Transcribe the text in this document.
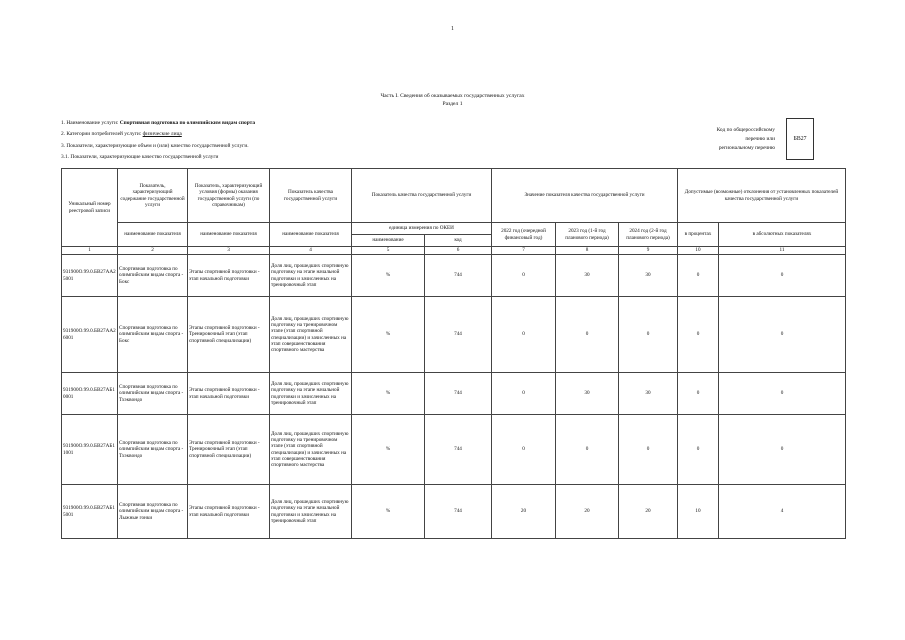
1
Часть I. Сведения об оказываемых государственных услугах
Раздел 1
1. Наименование услуги: Спортивная подготовка по олимпийским видам спорта
2. Категории потребителей услуги: физические лица
3. Показатели, характеризующие объем и (или) качество государственной услуги.
3.1. Показатели, характеризующие качество государственной услуги
Код по общероссийскому
перечню или
региональному перечню
БВ27
Уникальный номер реестровой записи	Показатель, характеризующий содержание государственной услуги	Показатель, характеризующий условия (формы) оказания государственной услуги (по справочникам)	Показатель качества государственной услуги	Показатель качества государственной услуги		Значение показателя качества государственной услуги			Допустимые (возможные) отклонения от установленных показателей качества государственной услуги	
	наименование показателя	наименование показателя	наименование показателя	единица измерения по ОКЕИ		2022 год (очередной финансовый год)	2023 год (1-й год планового периода)	2024 год (2-й год планового периода)	в процентах	в абсолютных показателях
				наименование	код					
1	2	3	4	5	6	7	8	9	10	11
931900О.99.0.БВ27АА25001	Спортивная подготовка по олимпийским видам спорта - Бокс	Этапы спортивной подготовки - этап начальной подготовки	Доля лиц, прошедших спортивную подготовку на этапе начальной подготовки и зачисленных на тренировочный этап	%	744	0	30	30	0	0
931900О.99.0.БВ27АА26001	Спортивная подготовка по олимпийским видам спорта - Бокс	Этапы спортивной подготовки - Тренировочный этап (этап спортивной специализации)	Доля лиц, прошедших спортивную подготовку на тренировочном этапе (этап спортивной специализации) и зачисленных на этап совершенствования спортивного мастерства	%	744	0	0	0	0	0
931900О.99.0.БВ27АБ10001	Спортивная подготовка по олимпийским видам спорта - Тхэквондо	Этапы спортивной подготовки - этап начальной подготовки	Доля лиц, прошедших спортивную подготовку на этапе начальной подготовки и зачисленных на тренировочный этап	%	744	0	30	30	0	0
931900О.99.0.БВ27АБ11001	Спортивная подготовка по олимпийским видам спорта - Тхэквондо	Этапы спортивной подготовки - Тренировочный этап (этап спортивной специализации)	Доля лиц, прошедших спортивную подготовку на тренировочном этапе (этап спортивной специализации) и зачисленных на этап совершенствования спортивного мастерства	%	744	0	0	0	0	0
931900О.99.0.БВ27АБ15001	Спортивная подготовка по олимпийским видам спорта - Лыжные гонки	Этапы спортивной подготовки - этап начальной подготовки	Доля лиц, прошедших спортивную подготовку на этапе начальной подготовки и зачисленных на тренировочный этап	%	744	20	20	20	10	4
